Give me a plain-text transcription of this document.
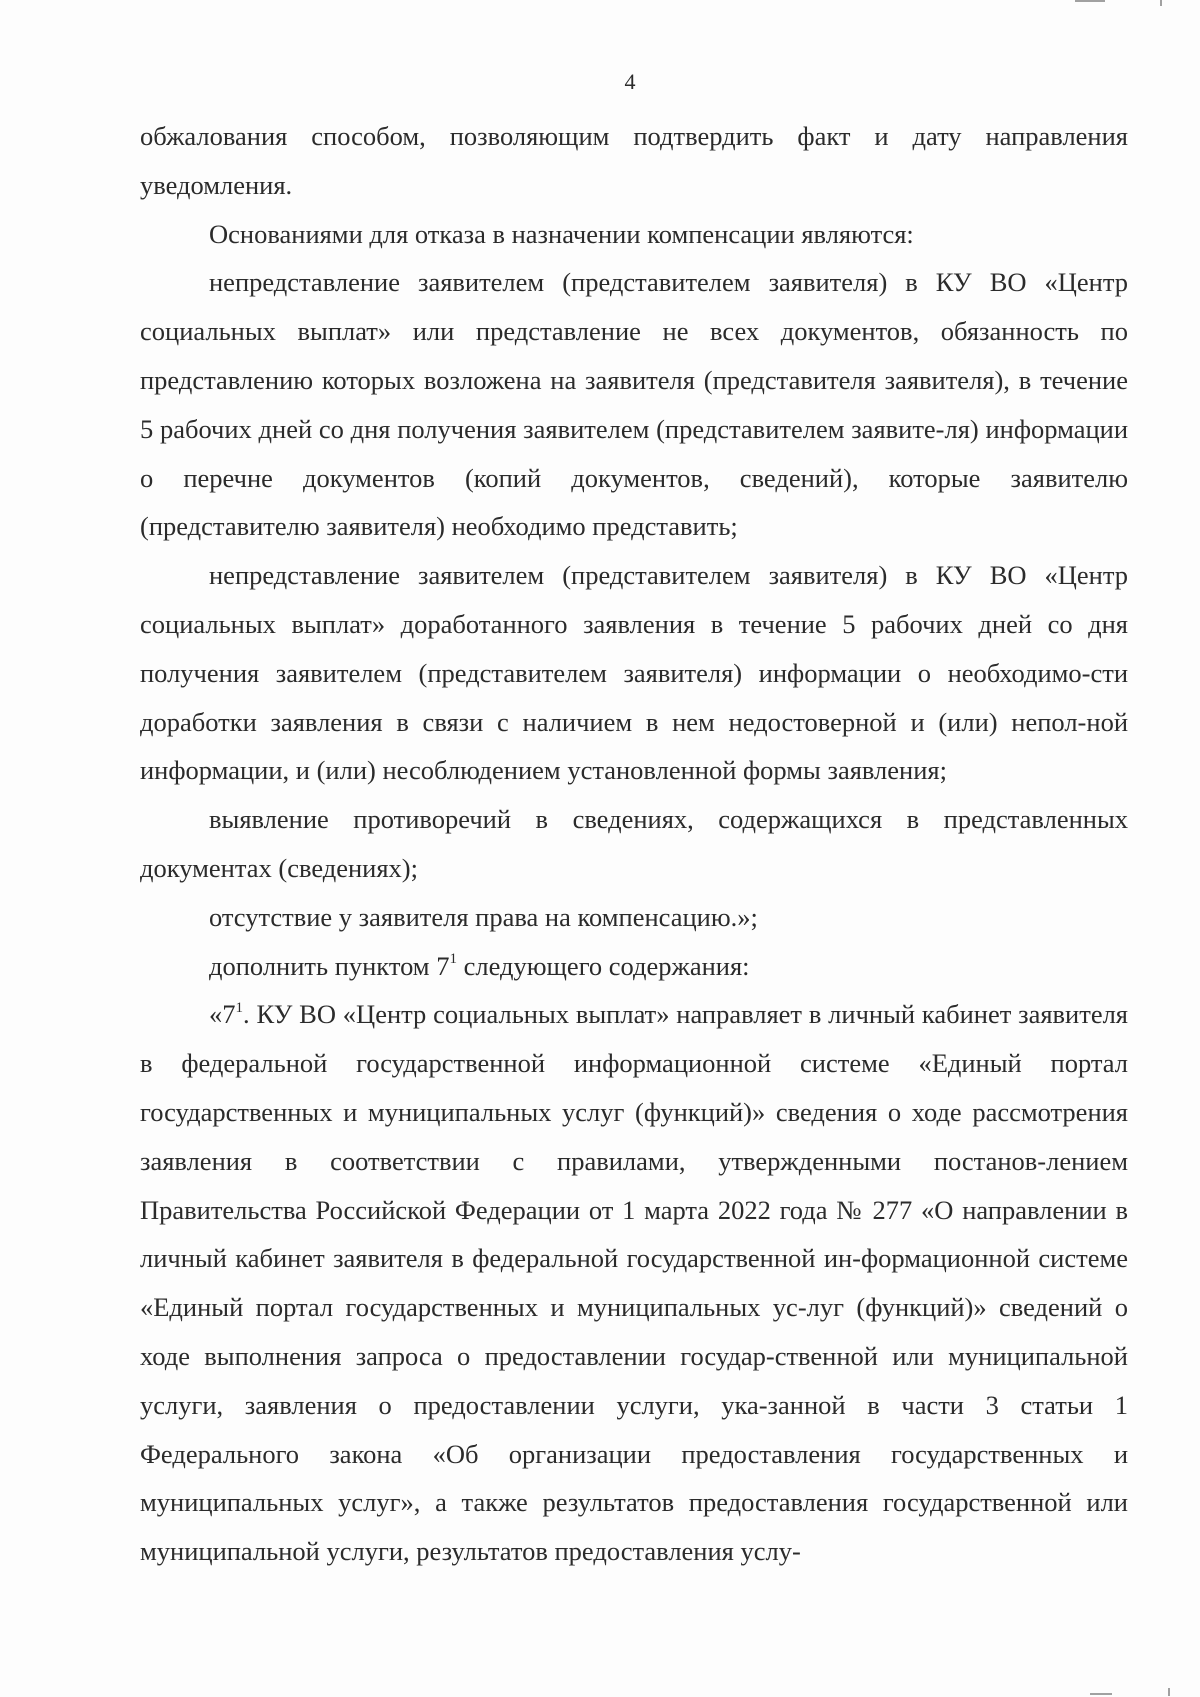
4

обжалования способом, позволяющим подтвердить факт и дату направления уведомления.

Основаниями для отказа в назначении компенсации являются:

непредставление заявителем (представителем заявителя) в КУ ВО «Центр социальных выплат» или представление не всех документов, обязанность по представлению которых возложена на заявителя (представителя заявителя), в течение 5 рабочих дней со дня получения заявителем (представителем заявите-ля) информации о перечне документов (копий документов, сведений), которые заявителю (представителю заявителя) необходимо представить;

непредставление заявителем (представителем заявителя) в КУ ВО «Центр социальных выплат» доработанного заявления в течение 5 рабочих дней со дня получения заявителем (представителем заявителя) информации о необходимо-сти доработки заявления в связи с наличием в нем недостоверной и (или) непол-ной информации, и (или) несоблюдением установленной формы заявления;

выявление противоречий в сведениях, содержащихся в представленных документах (сведениях);

отсутствие у заявителя права на компенсацию.»;

дополнить пунктом $7^1$ следующего содержания:

«$7^1$. КУ ВО «Центр социальных выплат» направляет в личный кабинет заявителя в федеральной государственной информационной системе «Единый портал государственных и муниципальных услуг (функций)» сведения о ходе рассмотрения заявления в соответствии с правилами, утвержденными постанов-лением Правительства Российской Федерации от 1 марта 2022 года № 277 «О направлении в личный кабинет заявителя в федеральной государственной ин-формационной системе «Единый портал государственных и муниципальных ус-луг (функций)» сведений о ходе выполнения запроса о предоставлении государ-ственной или муниципальной услуги, заявления о предоставлении услуги, ука-занной в части 3 статьи 1 Федерального закона «Об организации предоставления государственных и муниципальных услуг», а также результатов предоставления государственной или муниципальной услуги, результатов предоставления услу-
